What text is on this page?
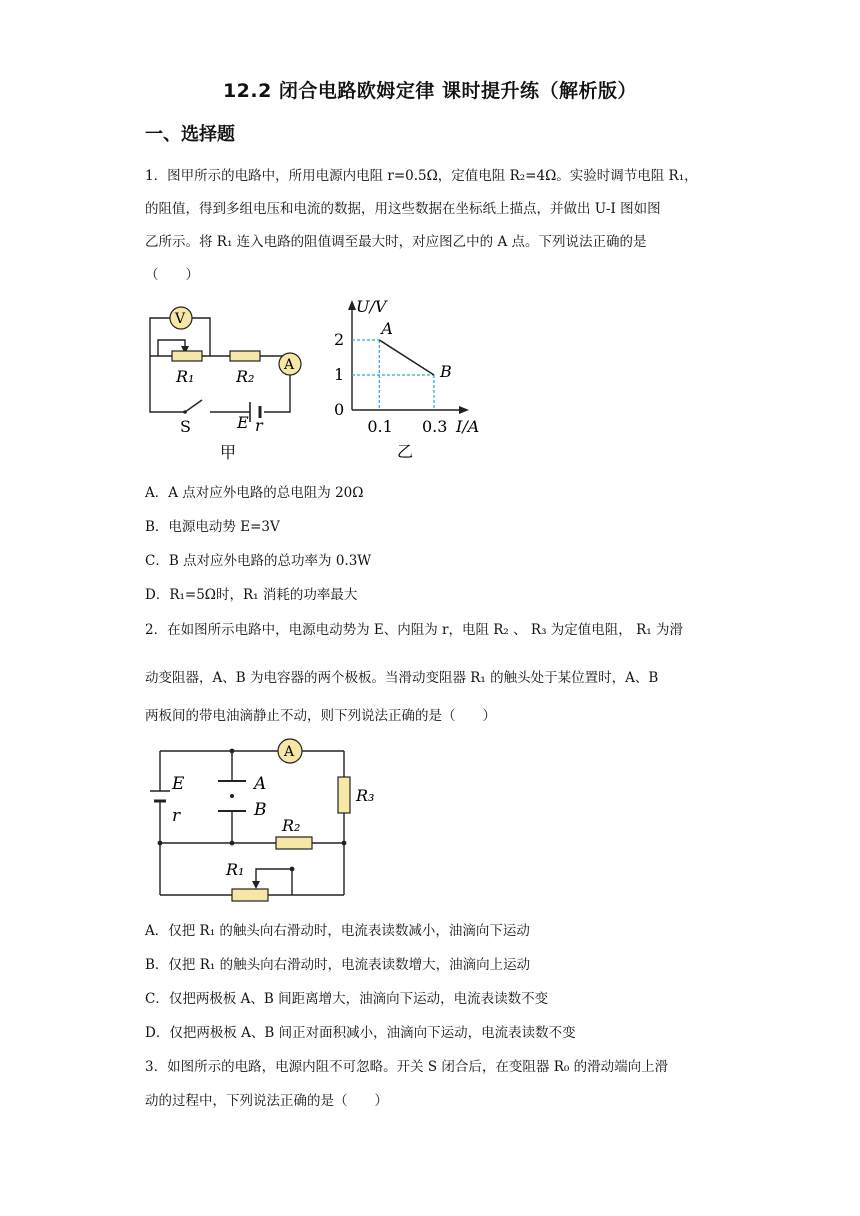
12.2 闭合电路欧姆定律 课时提升练（解析版）
一、选择题
1．图甲所示的电路中，所用电源内电阻 r=0.5Ω，定值电阻 R₂=4Ω。实验时调节电阻 R₁，
的阻值，得到多组电压和电流的数据，用这些数据在坐标纸上描点，并做出 U-I 图如图
乙所示。将 R₁ 连入电路的阻值调至最大时，对应图乙中的 A 点。下列说法正确的是
（　　）
V
A
R₁	R₂
S	E r
甲
A
B
2
1
0
0.1 0.3
U/V
I/A
乙
A．A 点对应外电路的总电阻为 20Ω
B．电源电动势 E=3V
C．B 点对应外电路的总功率为 0.3W
D．R₁=5Ω时，R₁ 消耗的功率最大
2．在如图所示电路中，电源电动势为 E、内阻为 r，电阻 R₂ 、 R₃ 为定值电阻， R₁ 为滑
动变阻器，A、B 为电容器的两个极板。当滑动变阻器 R₁ 的触头处于某位置时，A、B
两板间的带电油滴静止不动，则下列说法正确的是（　　）
A
E
r
A
B
R₂
R₃
R₁
A．仅把 R₁ 的触头向右滑动时，电流表读数减小，油滴向下运动
B．仅把 R₁ 的触头向右滑动时，电流表读数增大，油滴向上运动
C．仅把两极板 A、B 间距离增大，油滴向下运动，电流表读数不变
D．仅把两极板 A、B 间正对面积减小，油滴向下运动，电流表读数不变
3．如图所示的电路，电源内阻不可忽略。开关 S 闭合后，在变阻器 R₀ 的滑动端向上滑
动的过程中，下列说法正确的是（　　）
